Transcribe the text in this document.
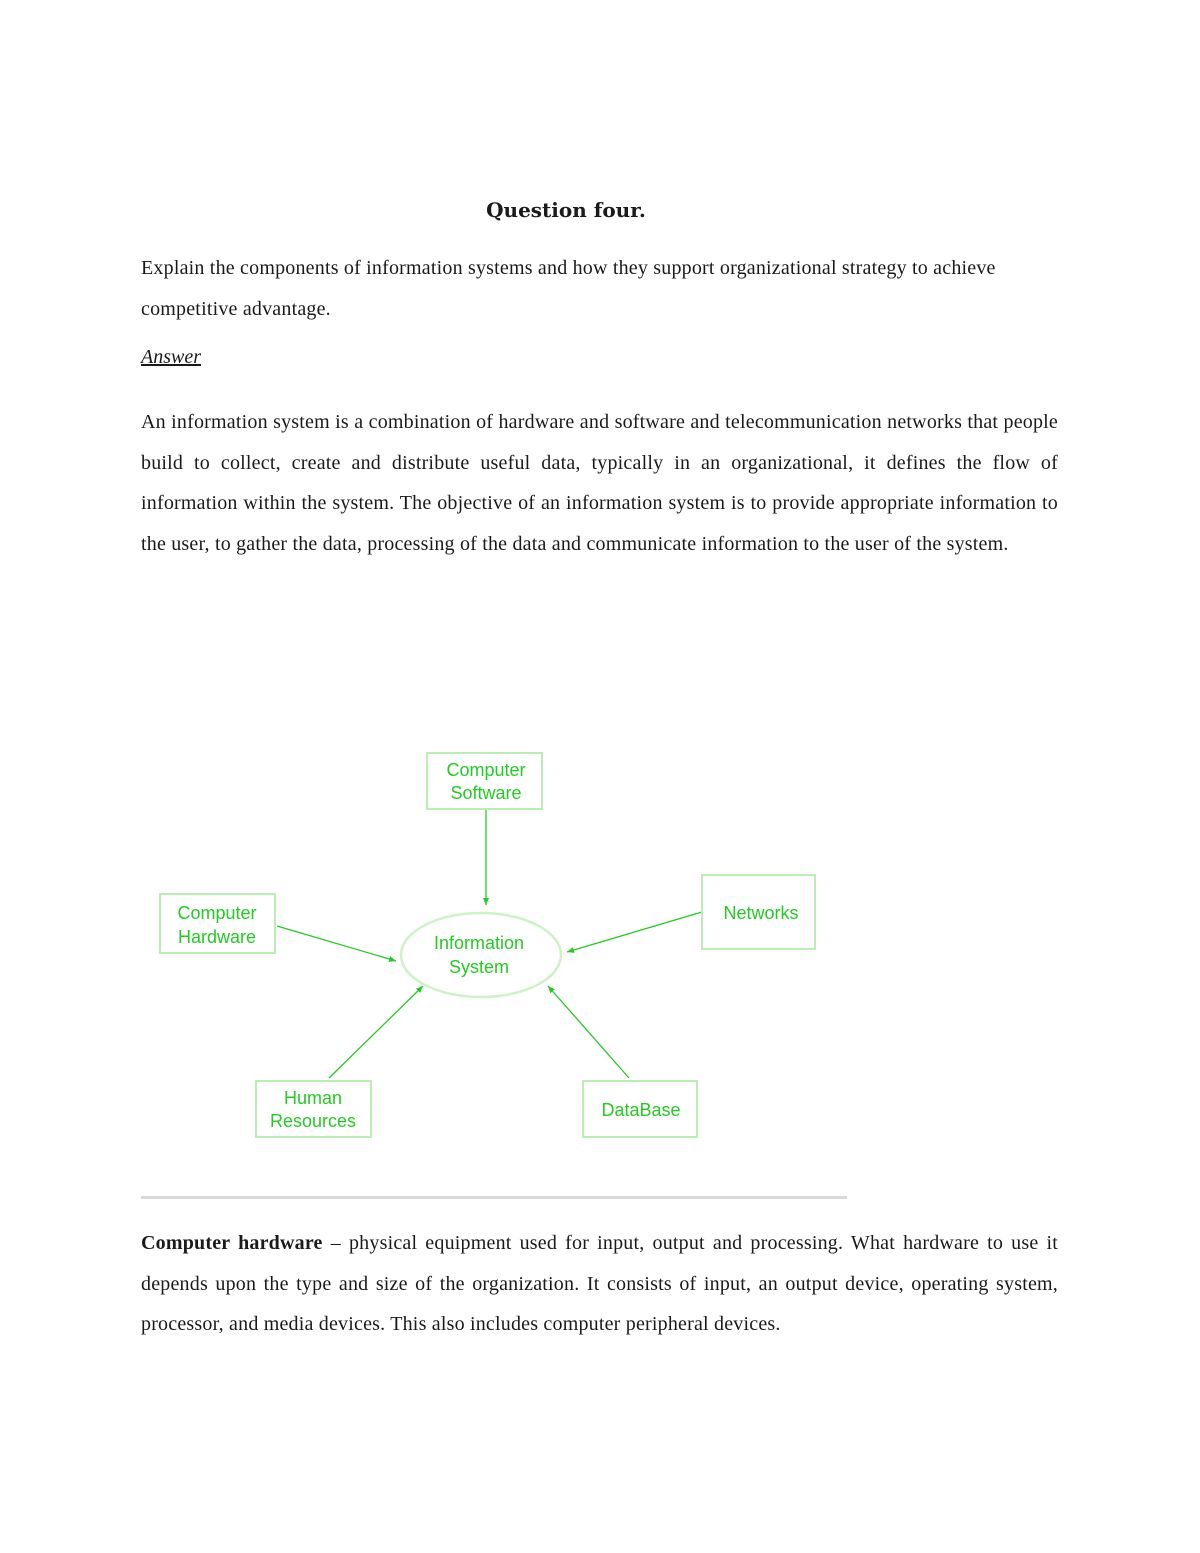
Question four.
Explain the components of information systems and how they support organizational strategy to achieve competitive advantage.
Answer
An information system is a combination of hardware and software and telecommunication networks that people build to collect, create and distribute useful data, typically in an organizational, it defines the flow of information within the system. The objective of an information system is to provide appropriate information to the user, to gather the data, processing of the data and communicate information to the user of the system.
Information
System
Computer
Software
Computer
Hardware
Networks
Human
Resources
DataBase
Computer hardware – physical equipment used for input, output and processing. What hardware to use it depends upon the type and size of the organization. It consists of input, an output device, operating system, processor, and media devices. This also includes computer peripheral devices.
